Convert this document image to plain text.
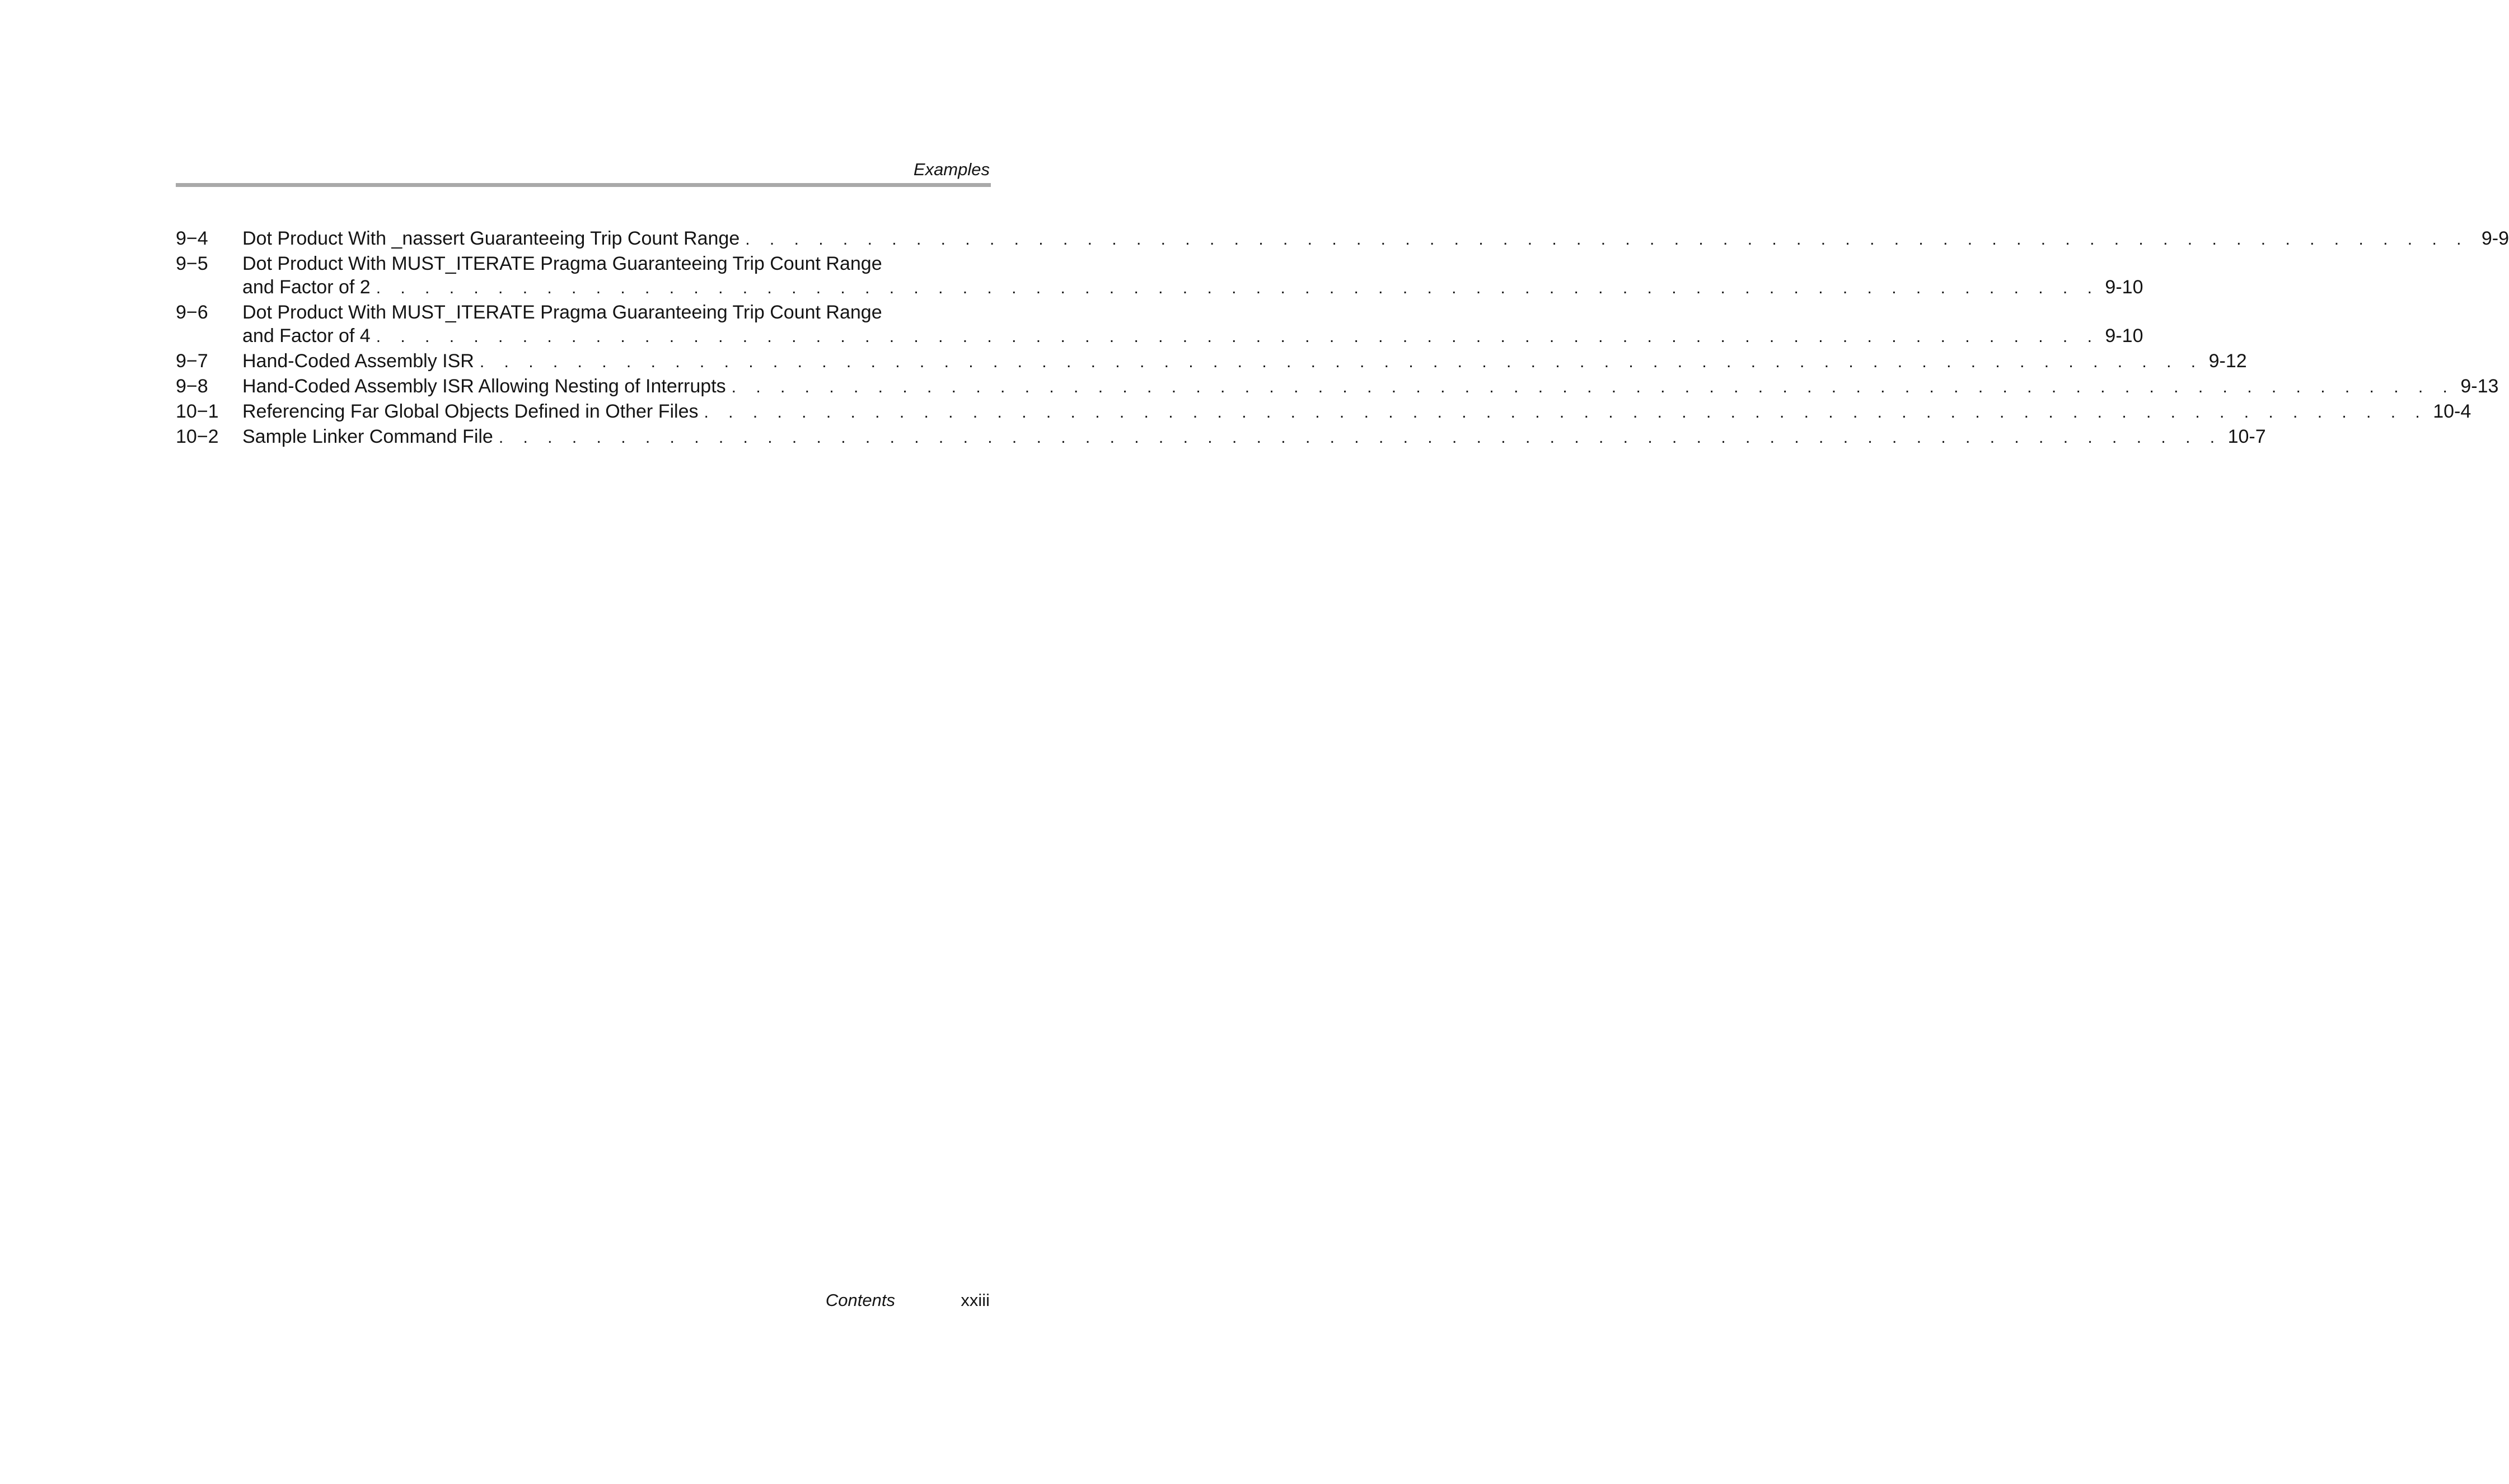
Examples
9−4	Dot Product With _nassert Guaranteeing Trip Count Range . . . . . . . . . . . . . . . . . . . . . . . . . . . . . . . . . . . . . . . . . . . . . . . . . . . . . . . . . . . . . . . . . . . . . . . 9-9
9−5	Dot Product With MUST_ITERATE Pragma Guaranteeing Trip Count Range
and Factor of 2 . . . . . . . . . . . . . . . . . . . . . . . . . . . . . . . . . . . . . . . . . . . . . . . . . . . . . . . . . . . . . . . . . . . . . . . 9-10
9−6	Dot Product With MUST_ITERATE Pragma Guaranteeing Trip Count Range
and Factor of 4 . . . . . . . . . . . . . . . . . . . . . . . . . . . . . . . . . . . . . . . . . . . . . . . . . . . . . . . . . . . . . . . . . . . . . . . 9-10
9−7	Hand-Coded Assembly ISR . . . . . . . . . . . . . . . . . . . . . . . . . . . . . . . . . . . . . . . . . . . . . . . . . . . . . . . . . . . . . . . . . . . . . . . 9-12
9−8	Hand-Coded Assembly ISR Allowing Nesting of Interrupts . . . . . . . . . . . . . . . . . . . . . . . . . . . . . . . . . . . . . . . . . . . . . . . . . . . . . . . . . . . . . . . . . . . . . . . 9-13
10−1	Referencing Far Global Objects Defined in Other Files . . . . . . . . . . . . . . . . . . . . . . . . . . . . . . . . . . . . . . . . . . . . . . . . . . . . . . . . . . . . . . . . . . . . . . . 10-4
10−2	Sample Linker Command File . . . . . . . . . . . . . . . . . . . . . . . . . . . . . . . . . . . . . . . . . . . . . . . . . . . . . . . . . . . . . . . . . . . . . . . 10-7
Contents	xxiii
